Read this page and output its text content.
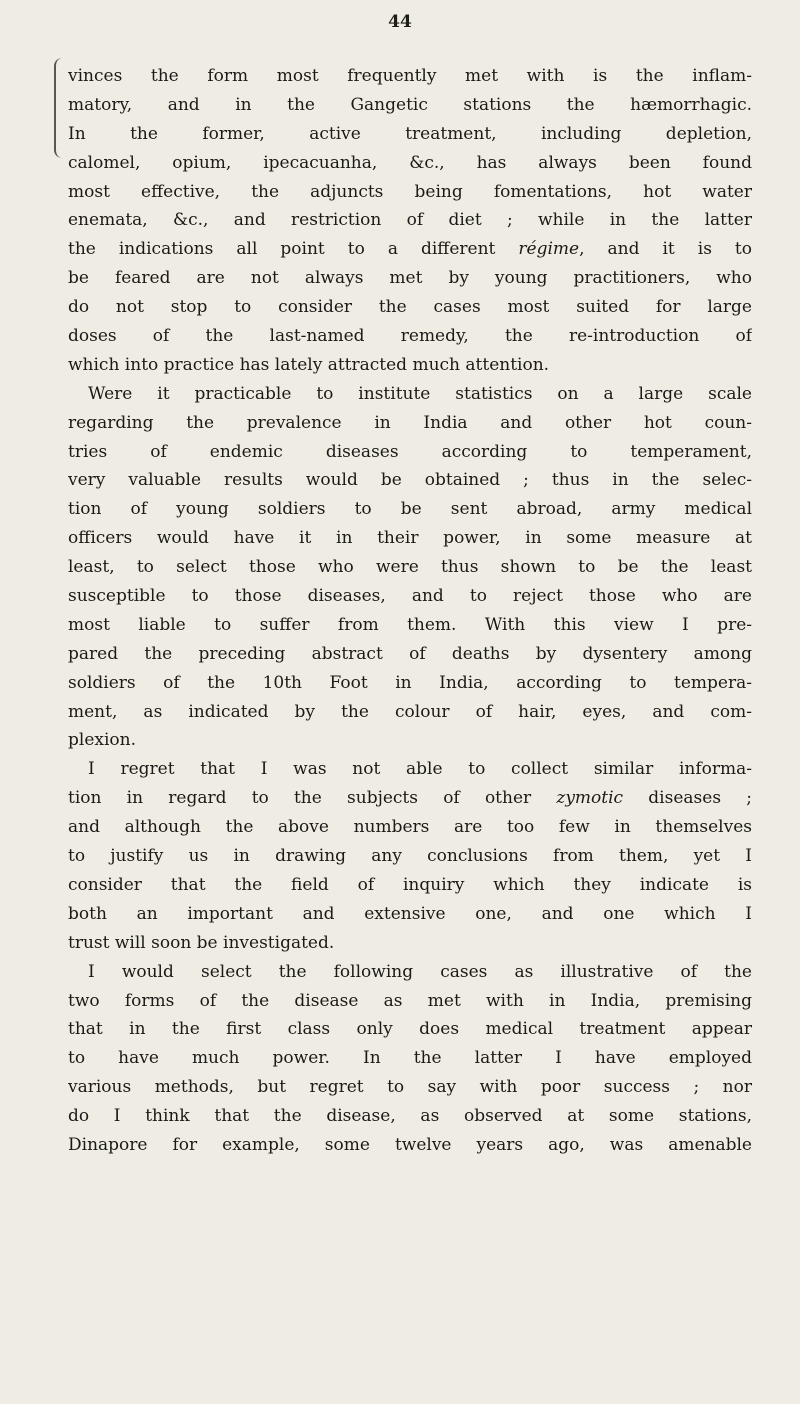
44
vinces the form most frequently met with is the inflam-
matory, and in the Gangetic stations the hæmorrhagic.
In the former, active treatment, including depletion,
calomel, opium, ipecacuanha, &c., has always been found
most effective, the adjuncts being fomentations, hot water
enemata, &c., and restriction of diet ; while in the latter
the indications all point to a different régime, and it is to
be feared are not always met by young practitioners, who
do not stop to consider the cases most suited for large
doses of the last-named remedy, the re-introduction of
which into practice has lately attracted much attention.
Were it practicable to institute statistics on a large scale
regarding the prevalence in India and other hot coun-
tries of endemic diseases according to temperament,
very valuable results would be obtained ; thus in the selec-
tion of young soldiers to be sent abroad, army medical
officers would have it in their power, in some measure at
least, to select those who were thus shown to be the least
susceptible to those diseases, and to reject those who are
most liable to suffer from them. With this view I pre-
pared the preceding abstract of deaths by dysentery among
soldiers of the 10th Foot in India, according to tempera-
ment, as indicated by the colour of hair, eyes, and com-
plexion.
I regret that I was not able to collect similar informa-
tion in regard to the subjects of other zymotic diseases ;
and although the above numbers are too few in themselves
to justify us in drawing any conclusions from them, yet I
consider that the field of inquiry which they indicate is
both an important and extensive one, and one which I
trust will soon be investigated.
I would select the following cases as illustrative of the
two forms of the disease as met with in India, premising
that in the first class only does medical treatment appear
to have much power. In the latter I have employed
various methods, but regret to say with poor success ; nor
do I think that the disease, as observed at some stations,
Dinapore for example, some twelve years ago, was amenable
